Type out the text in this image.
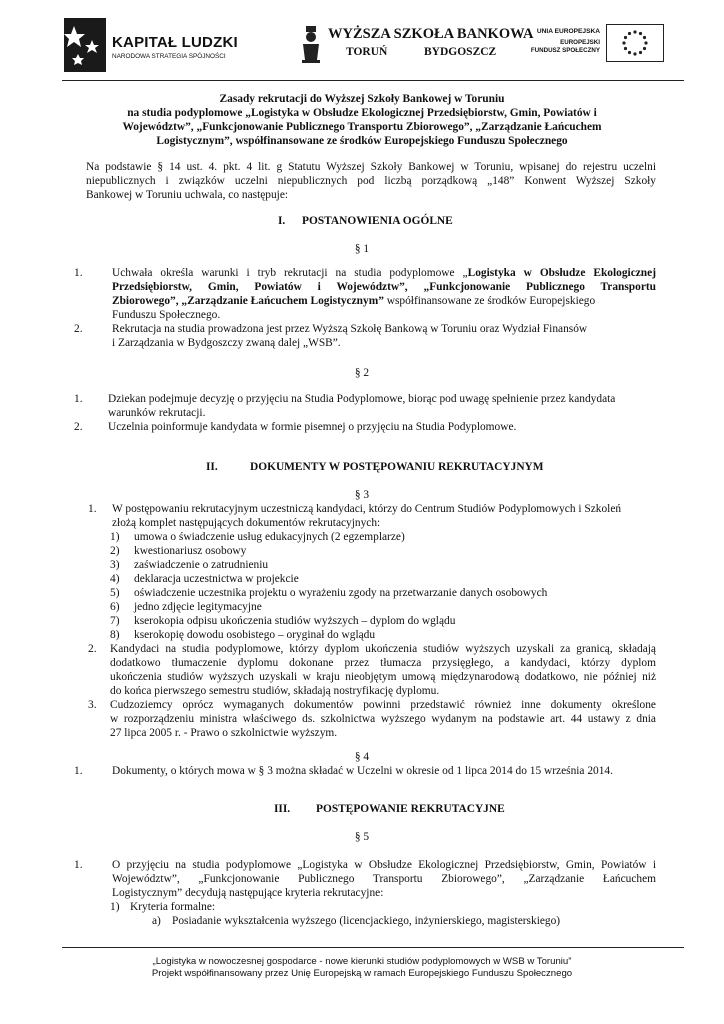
KAPITAŁ LUDZKI
NARODOWA STRATEGIA SPÓJNOŚCI
WYŻSZA SZKOŁA BANKOWA
TORUŃ	BYDGOSZCZ
UNIA EUROPEJSKA
EUROPEJSKI
FUNDUSZ SPOŁECZNY
Zasady rekrutacji do Wyższej Szkoły Bankowej w Toruniu
na studia podyplomowe „Logistyka w Obsłudze Ekologicznej Przedsiębiorstw, Gmin, Powiatów i
Województw”, „Funkcjonowanie Publicznego Transportu Zbiorowego”, „Zarządzanie Łańcuchem
Logistycznym”, współfinansowane ze środków Europejskiego Funduszu Społecznego
Na podstawie § 14 ust. 4. pkt. 4 lit. g Statutu Wyższej Szkoły Bankowej w Toruniu, wpisanej do rejestru uczelni
niepublicznych i związków uczelni niepublicznych pod liczbą porządkową „148” Konwent Wyższej Szkoły
Bankowej w Toruniu uchwala, co następuje:
I. POSTANOWIENIA OGÓLNE
§ 1
1.	Uchwała określa warunki i tryb rekrutacji na studia podyplomowe „Logistyka w Obsłudze Ekologicznej
Przedsiębiorstw, Gmin, Powiatów i Województw”, „Funkcjonowanie Publicznego Transportu
Zbiorowego”, „Zarządzanie Łańcuchem Logistycznym” współfinansowane ze środków Europejskiego
Funduszu Społecznego.
2.	Rekrutacja na studia prowadzona jest przez Wyższą Szkołę Bankową w Toruniu oraz Wydział Finansów
i Zarządzania w Bydgoszczy zwaną dalej „WSB”.
§ 2
1. Dziekan podejmuje decyzję o przyjęciu na Studia Podyplomowe, biorąc pod uwagę spełnienie przez kandydata
warunków rekrutacji.
2. Uczelnia poinformuje kandydata w formie pisemnej o przyjęciu na Studia Podyplomowe.
II.	DOKUMENTY W POSTĘPOWANIU REKRUTACYJNYM
§ 3
1. W postępowaniu rekrutacyjnym uczestniczą kandydaci, którzy do Centrum Studiów Podyplomowych i Szkoleń
złożą komplet następujących dokumentów rekrutacyjnych:
1) umowa o świadczenie usług edukacyjnych (2 egzemplarze)
2) kwestionariusz osobowy
3) zaświadczenie o zatrudnieniu
4) deklaracja uczestnictwa w projekcie
5) oświadczenie uczestnika projektu o wyrażeniu zgody na przetwarzanie danych osobowych
6) jedno zdjęcie legitymacyjne
7) kserokopia odpisu ukończenia studiów wyższych – dyplom do wglądu
8) kserokopię dowodu osobistego – oryginał do wglądu
2. Kandydaci na studia podyplomowe, którzy dyplom ukończenia studiów wyższych uzyskali za granicą, składają
dodatkowo tłumaczenie dyplomu dokonane przez tłumacza przysięgłego, a kandydaci, którzy dyplom
ukończenia studiów wyższych uzyskali w kraju nieobjętym umową międzynarodową dodatkowo, nie później niż
do końca pierwszego semestru studiów, składają nostryfikację dyplomu.
3. Cudzoziemcy oprócz wymaganych dokumentów powinni przedstawić również inne dokumenty określone
w rozporządzeniu ministra właściwego ds. szkolnictwa wyższego wydanym na podstawie art. 44 ustawy z dnia
27 lipca 2005 r. - Prawo o szkolnictwie wyższym.
§ 4
1.	Dokumenty, o których mowa w § 3 można składać w Uczelni w okresie od 1 lipca 2014 do 15 września 2014.
III. POSTĘPOWANIE REKRUTACYJNE
§ 5
1.	O przyjęciu na studia podyplomowe „Logistyka w Obsłudze Ekologicznej Przedsiębiorstw, Gmin, Powiatów i
Województw”, „Funkcjonowanie Publicznego Transportu Zbiorowego”, „Zarządzanie Łańcuchem
Logistycznym” decydują następujące kryteria rekrutacyjne:
1) Kryteria formalne:
a) Posiadanie wykształcenia wyższego (licencjackiego, inżynierskiego, magisterskiego)
„Logistyka w nowoczesnej gospodarce - nowe kierunki studiów podyplomowych w WSB w Toruniu”
Projekt współfinansowany przez Unię Europejską w ramach Europejskiego Funduszu Społecznego
